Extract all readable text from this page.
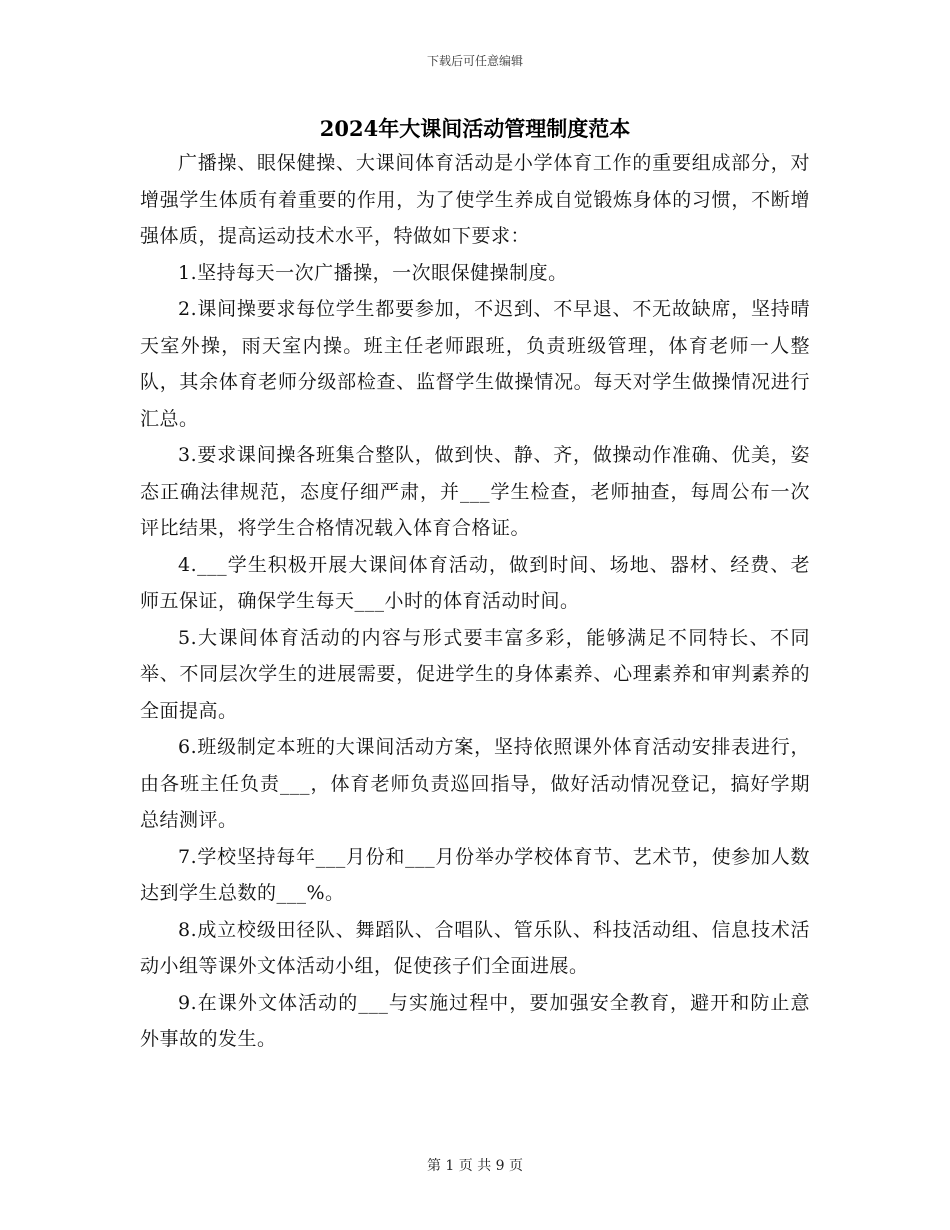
下载后可任意编辑
2024年大课间活动管理制度范本

广播操、眼保健操、大课间体育活动是小学体育工作的重要组成部分，对增强学生体质有着重要的作用，为了使学生养成自觉锻炼身体的习惯，不断增强体质，提高运动技术水平，特做如下要求：

1.坚持每天一次广播操，一次眼保健操制度。

2.课间操要求每位学生都要参加，不迟到、不早退、不无故缺席，坚持晴天室外操，雨天室内操。班主任老师跟班，负责班级管理，体育老师一人整队，其余体育老师分级部检查、监督学生做操情况。每天对学生做操情况进行汇总。

3.要求课间操各班集合整队，做到快、静、齐，做操动作准确、优美，姿态正确法律规范，态度仔细严肃，并___学生检查，老师抽查，每周公布一次评比结果，将学生合格情况载入体育合格证。

4.___学生积极开展大课间体育活动，做到时间、场地、器材、经费、老师五保证，确保学生每天___小时的体育活动时间。

5.大课间体育活动的内容与形式要丰富多彩，能够满足不同特长、不同举、不同层次学生的进展需要，促进学生的身体素养、心理素养和审判素养的全面提高。

6.班级制定本班的大课间活动方案，坚持依照课外体育活动安排表进行，由各班主任负责___，体育老师负责巡回指导，做好活动情况登记，搞好学期总结测评。

7.学校坚持每年___月份和___月份举办学校体育节、艺术节，使参加人数达到学生总数的___%。

8.成立校级田径队、舞蹈队、合唱队、管乐队、科技活动组、信息技术活动小组等课外文体活动小组，促使孩子们全面进展。

9.在课外文体活动的___与实施过程中，要加强安全教育，避开和防止意外事故的发生。

第 1 页 共 9 页
